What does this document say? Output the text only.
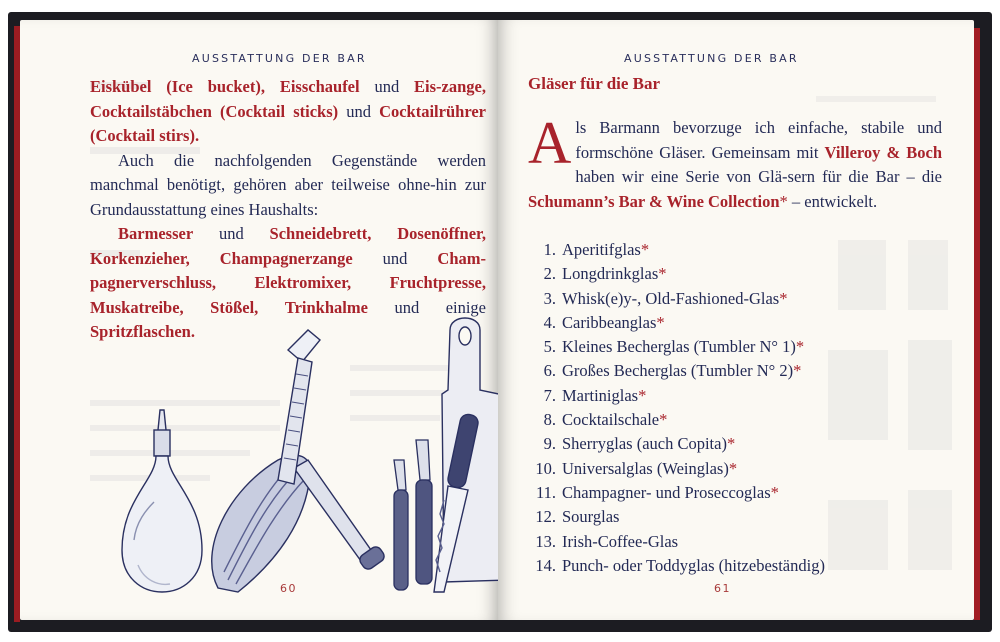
AUSSTATTUNG DER BAR

Eiskübel (Ice bucket), Eisschaufel und Eis-zange, Cocktailstäbchen (Cocktail sticks) und Cocktailrührer (Cocktail stirs).

Auch die nachfolgenden Gegenstände werden manchmal benötigt, gehören aber teilweise ohne-hin zur Grundausstattung eines Haushalts:

Barmesser und Schneidebrett, Dosenöffner, Korkenzieher, Champagnerzange und Cham-pagnerverschluss, Elektromixer, Fruchtpresse, Muskatreibe, Stößel, Trinkhalme und einige Spritzflaschen.

60
AUSSTATTUNG DER BAR
Gläser für die Bar
Als Barmann bevorzuge ich einfache, stabile und formschöne Gläser. Gemeinsam mit Villeroy & Boch haben wir eine Serie von Glä-sern für die Bar – die Schumann’s Bar & Wine Collection* – entwickelt.
1. Aperitifglas*
2. Longdrinkglas*
3. Whisk(e)y-, Old-Fashioned-Glas*
4. Caribbeanglas*
5. Kleines Becherglas (Tumbler N° 1)*
6. Großes Becherglas (Tumbler N° 2)*
7. Martiniglas*
8. Cocktailschale*
9. Sherryglas (auch Copita)*
10. Universalglas (Weinglas)*
11. Champagner- und Proseccoglas*
12. Sourglas
13. Irish-Coffee-Glas
14. Punch- oder Toddyglas (hitzebeständig)
61
